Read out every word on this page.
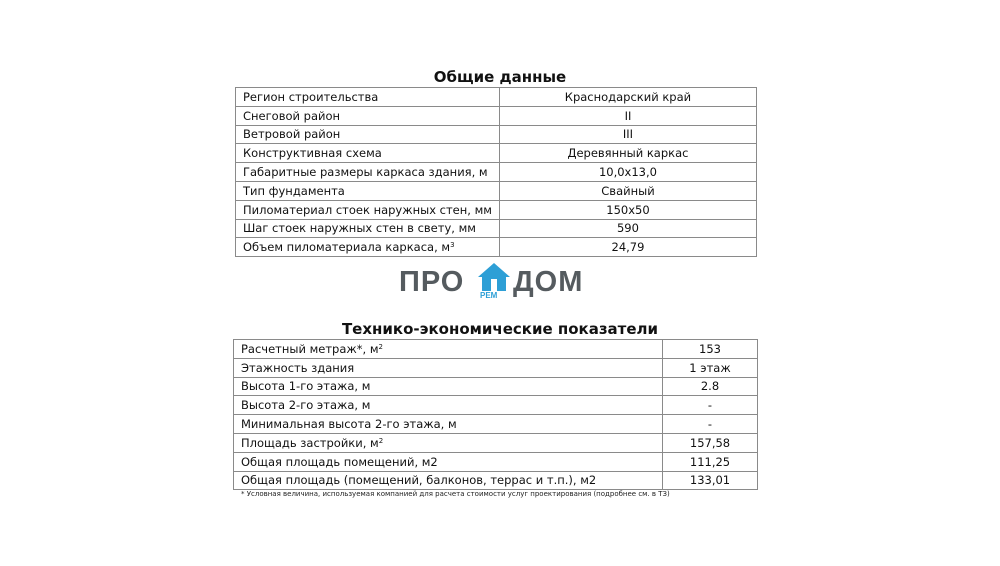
Общие данные
Регион строительства	Краснодарский край
Снеговой район	II
Ветровой район	III
Конструктивная схема	Деревянный каркас
Габаритные размеры каркаса здания, м	10,0x13,0
Тип фундамента	Свайный
Пиломатериал стоек наружных стен, мм	150x50
Шаг стоек наружных стен в свету, мм	590
Объем пиломатериала каркаса, $м^3$	24,79
ПРО РЕМ ДОМ
Технико-экономические показатели
Расчетный метраж*, $м^2$	153
Этажность здания	1 этаж
Высота 1-го этажа, м	2.8
Высота 2-го этажа, м	-
Минимальная высота 2-го этажа, м	-
Площадь застройки, $м^2$	157,58
Общая площадь помещений, м2	111,25
Общая площадь (помещений, балконов, террас и т.п.), м2	133,01
* Условная величина, используемая компанией для расчета стоимости услуг проектирования (подробнее см. в ТЗ)
